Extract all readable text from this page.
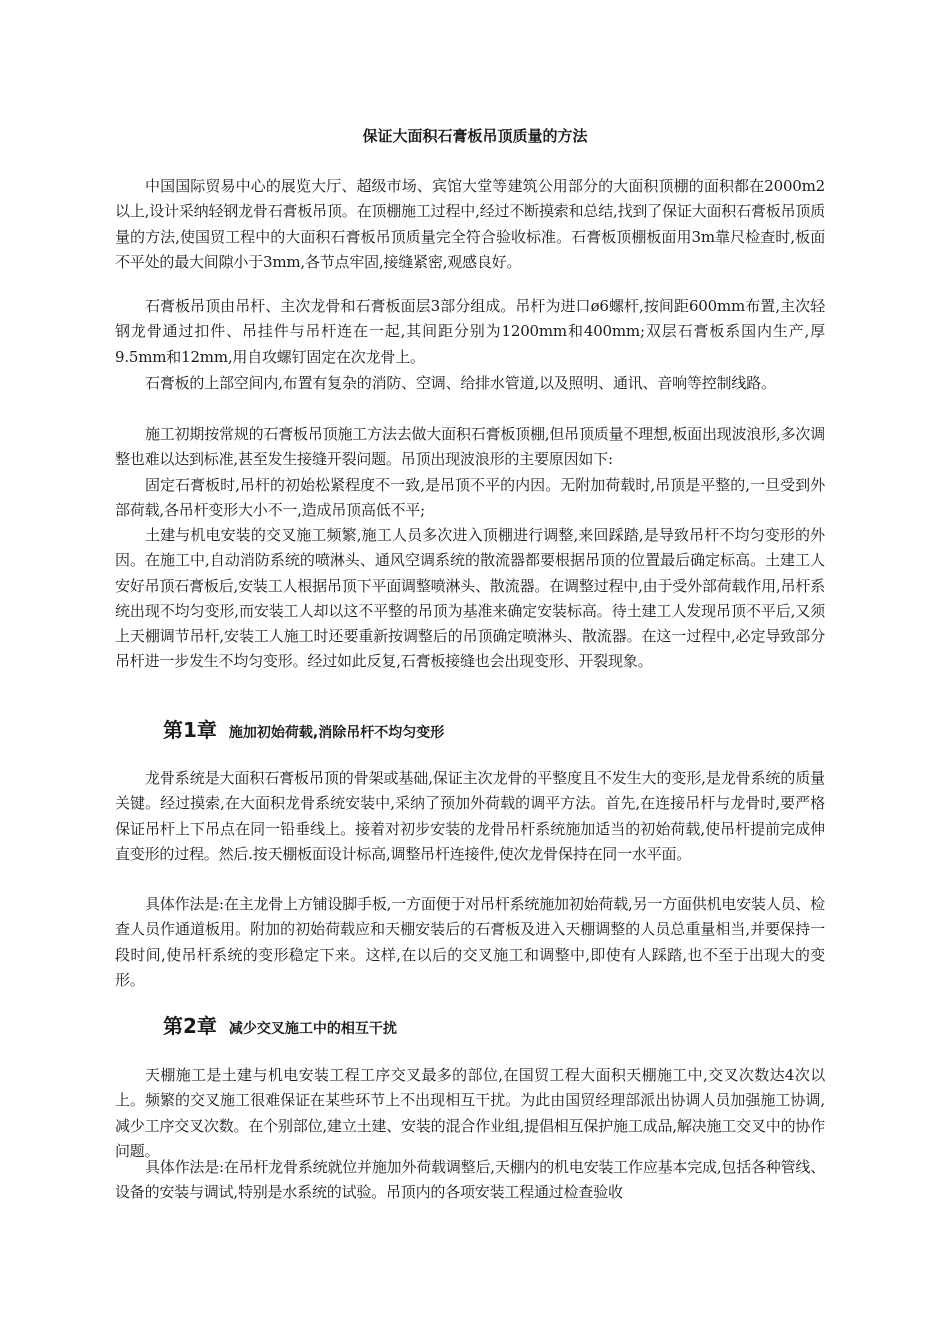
保证大面积石膏板吊顶质量的方法

中国国际贸易中心的展览大厅、超级市场、宾馆大堂等建筑公用部分的大面积顶棚的面积都在2000m2以上,设计采纳轻钢龙骨石膏板吊顶。在顶棚施工过程中,经过不断摸索和总结,找到了保证大面积石膏板吊顶质量的方法,使国贸工程中的大面积石膏板吊顶质量完全符合验收标准。石膏板顶棚板面用3m靠尺检查时,板面不平处的最大间隙小于3mm,各节点牢固,接缝紧密,观感良好。

石膏板吊顶由吊杆、主次龙骨和石膏板面层3部分组成。吊杆为进口ø6螺杆,按间距600mm布置,主次轻钢龙骨通过扣件、吊挂件与吊杆连在一起,其间距分别为1200mm和400mm;双层石膏板系国内生产,厚9.5mm和12mm,用自攻螺钉固定在次龙骨上。

石膏板的上部空间内,布置有复杂的消防、空调、给排水管道,以及照明、通讯、音响等控制线路。

施工初期按常规的石膏板吊顶施工方法去做大面积石膏板顶棚,但吊顶质量不理想,板面出现波浪形,多次调整也难以达到标准,甚至发生接缝开裂问题。吊顶出现波浪形的主要原因如下:

固定石膏板时,吊杆的初始松紧程度不一致,是吊顶不平的内因。无附加荷载时,吊顶是平整的,一旦受到外部荷载,各吊杆变形大小不一,造成吊顶高低不平;

土建与机电安装的交叉施工频繁,施工人员多次进入顶棚进行调整,来回踩踏,是导致吊杆不均匀变形的外因。在施工中,自动消防系统的喷淋头、通风空调系统的散流器都要根据吊顶的位置最后确定标高。土建工人安好吊顶石膏板后,安装工人根据吊顶下平面调整喷淋头、散流器。在调整过程中,由于受外部荷载作用,吊杆系统出现不均匀变形,而安装工人却以这不平整的吊顶为基准来确定安装标高。待土建工人发现吊顶不平后,又须上天棚调节吊杆,安装工人施工时还要重新按调整后的吊顶确定喷淋头、散流器。在这一过程中,必定导致部分吊杆进一步发生不均匀变形。经过如此反复,石膏板接缝也会出现变形、开裂现象。

第1章 施加初始荷载,消除吊杆不均匀变形

龙骨系统是大面积石膏板吊顶的骨架或基础,保证主次龙骨的平整度且不发生大的变形,是龙骨系统的质量关键。经过摸索,在大面积龙骨系统安装中,采纳了预加外荷载的调平方法。首先,在连接吊杆与龙骨时,要严格保证吊杆上下吊点在同一铅垂线上。接着对初步安装的龙骨吊杆系统施加适当的初始荷载,使吊杆提前完成伸直变形的过程。然后.按天棚板面设计标高,调整吊杆连接件,使次龙骨保持在同一水平面。

具体作法是:在主龙骨上方铺设脚手板,一方面便于对吊杆系统施加初始荷载,另一方面供机电安装人员、检查人员作通道板用。附加的初始荷载应和天棚安装后的石膏板及进入天棚调整的人员总重量相当,并要保持一段时间,使吊杆系统的变形稳定下来。这样,在以后的交叉施工和调整中,即使有人踩踏,也不至于出现大的变形。

第2章 减少交叉施工中的相互干扰

天棚施工是土建与机电安装工程工序交叉最多的部位,在国贸工程大面积天棚施工中,交叉次数达4次以上。频繁的交叉施工很难保证在某些环节上不出现相互干扰。为此由国贸经理部派出协调人员加强施工协调,减少工序交叉次数。在个别部位,建立土建、安装的混合作业组,提倡相互保护施工成品,解决施工交叉中的协作问题。

具体作法是:在吊杆龙骨系统就位并施加外荷载调整后,天棚内的机电安装工作应基本完成,包括各种管线、设备的安装与调试,特别是水系统的试验。吊顶内的各项安装工程通过检查验收
